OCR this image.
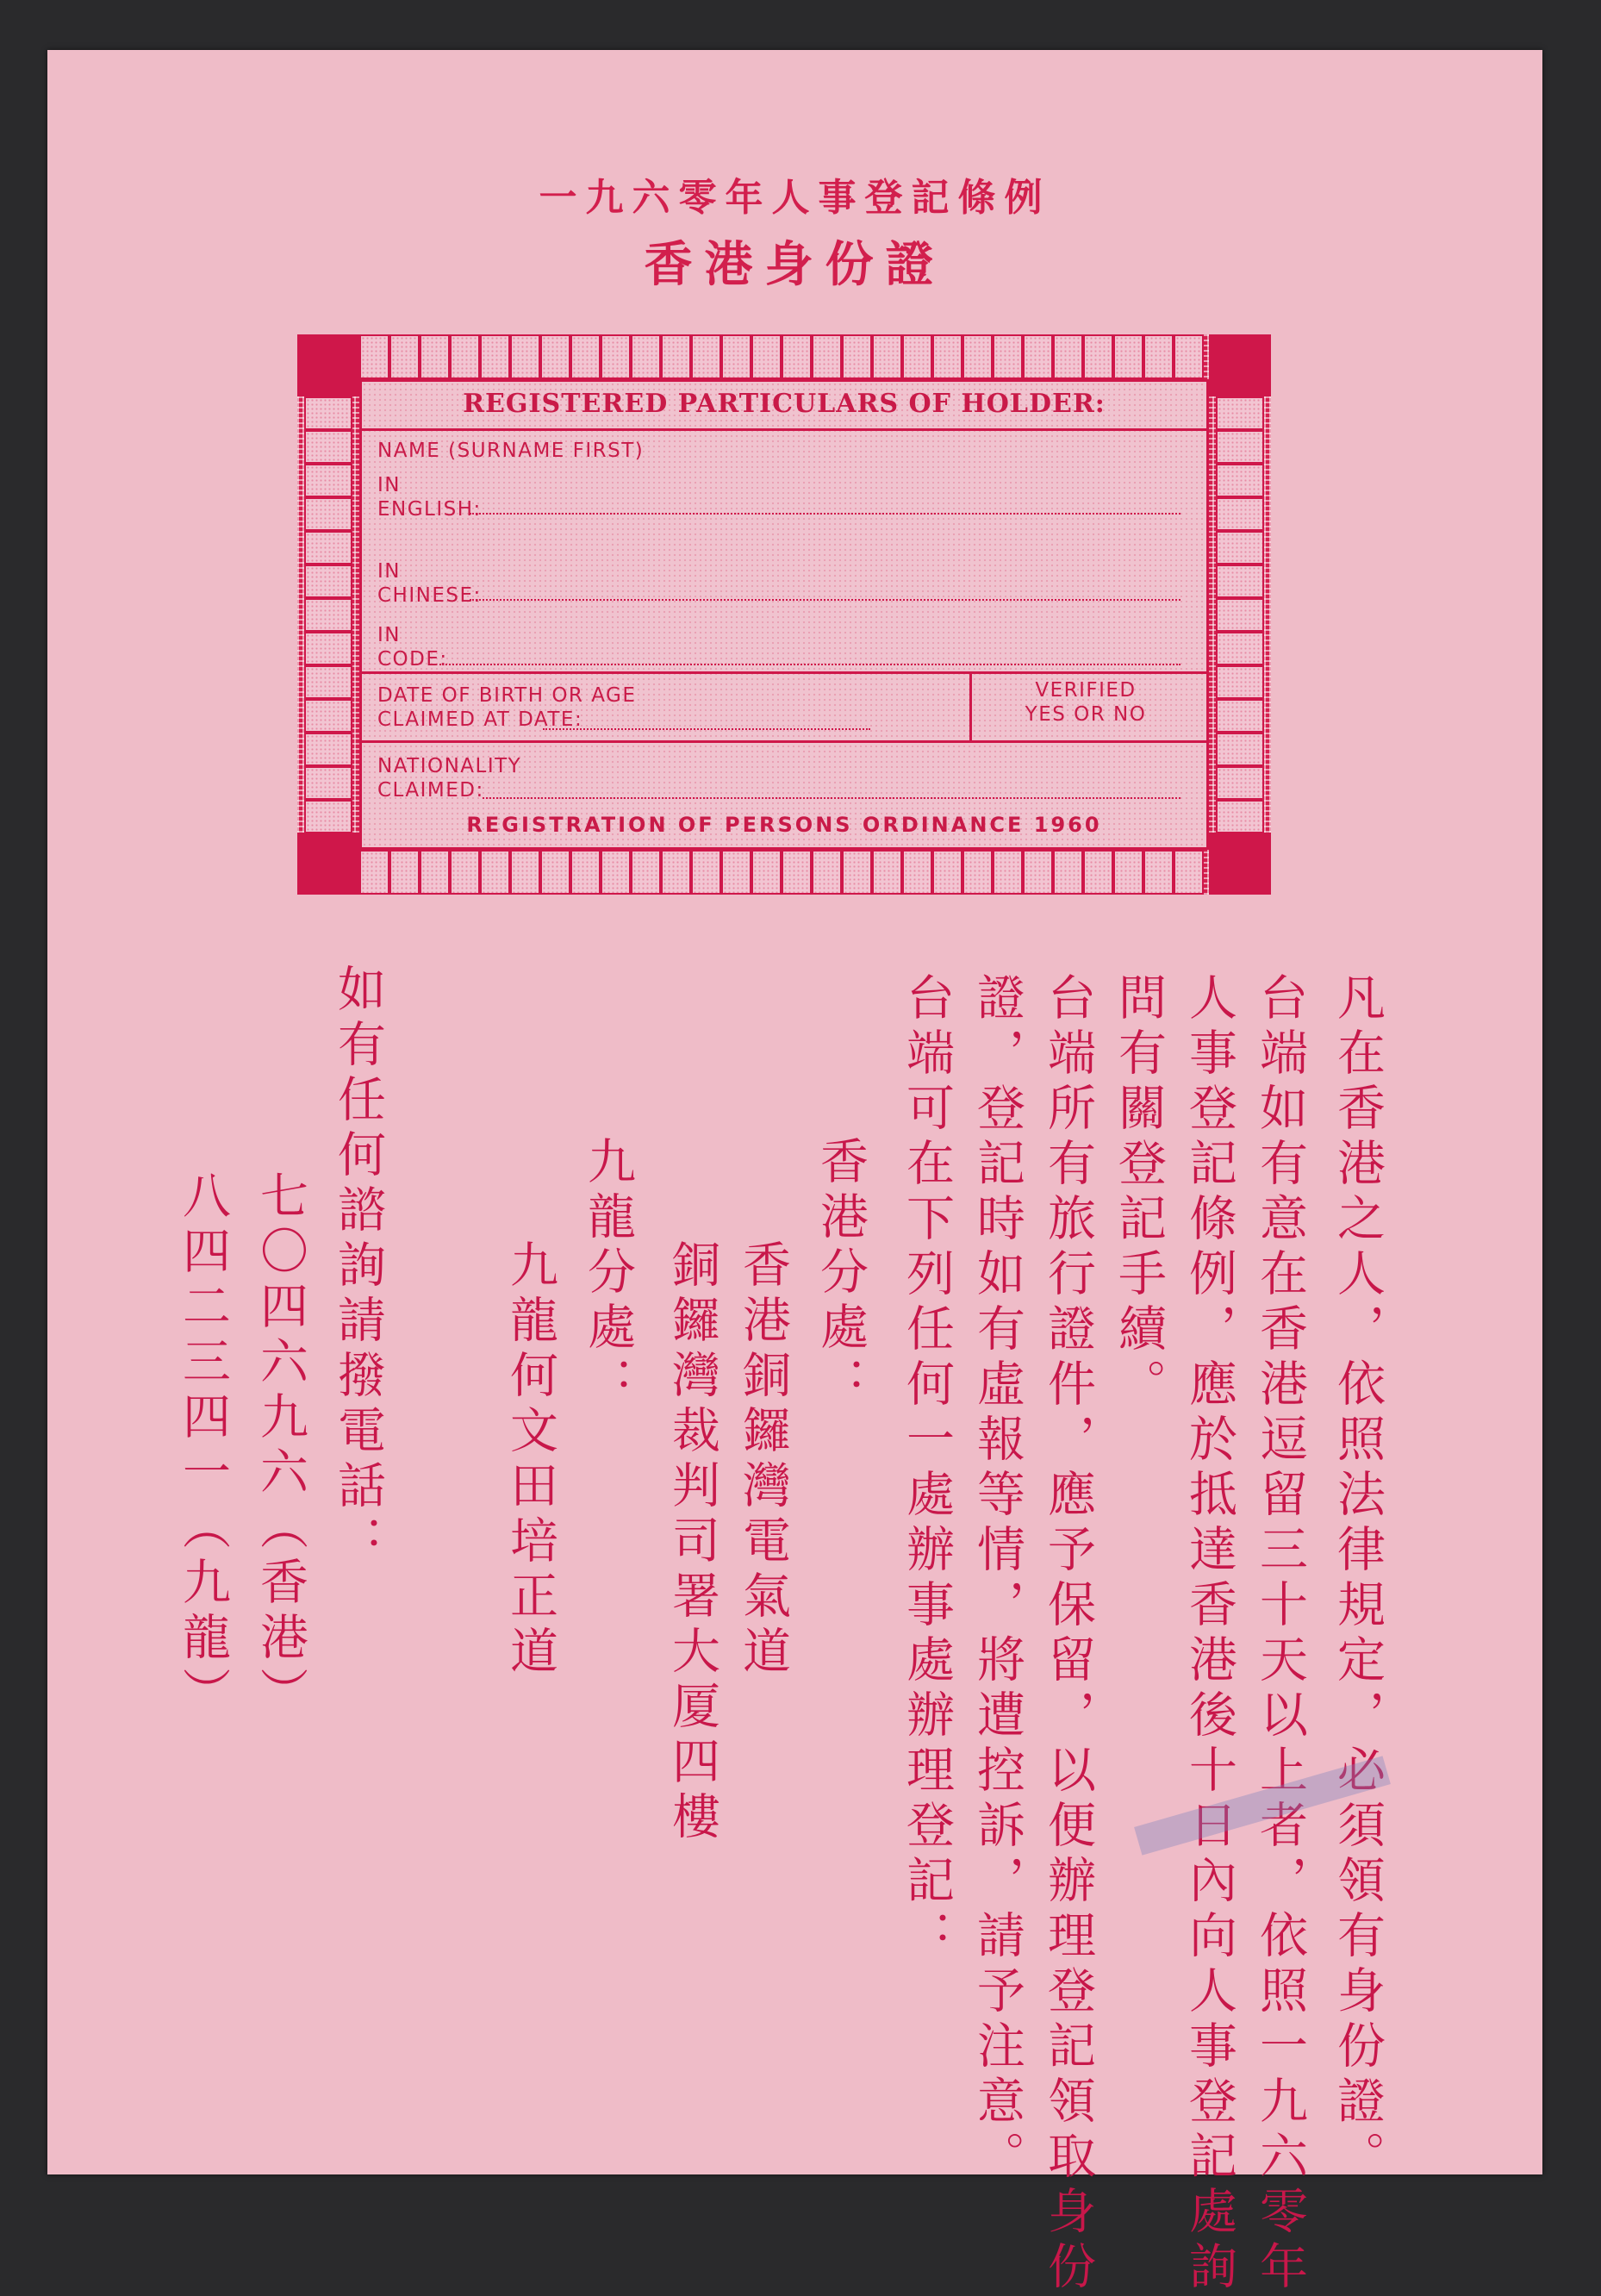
一九六零年人事登記條例
香港身份證
REGISTERED PARTICULARS OF HOLDER:
NAME (SURNAME FIRST)
IN
ENGLISH:
IN
CHINESE:
IN
CODE:
DATE OF BIRTH OR AGE
CLAIMED AT DATE:
VERIFIED
YES OR NO
NATIONALITY
CLAIMED:
REGISTRATION OF PERSONS ORDINANCE 1960
凡在香港之人，依照法律規定，必須領有身份證。
台端如有意在香港逗留三十天以上者，依照一九六零年
人事登記條例，應於抵達香港後十日內向人事登記處詢
問有關登記手續。
台端所有旅行證件，應予保留，以便辦理登記領取身份
證，登記時如有虛報等情，將遭控訴，請予注意。
台端可在下列任何一處辦事處辦理登記：
香港分處：
香港銅鑼灣電氣道
銅鑼灣裁判司署大厦四樓
九龍分處：
九龍何文田培正道
如有任何諮詢請撥電話：
七〇四六九六（香港）
八四二三四一（九龍）
